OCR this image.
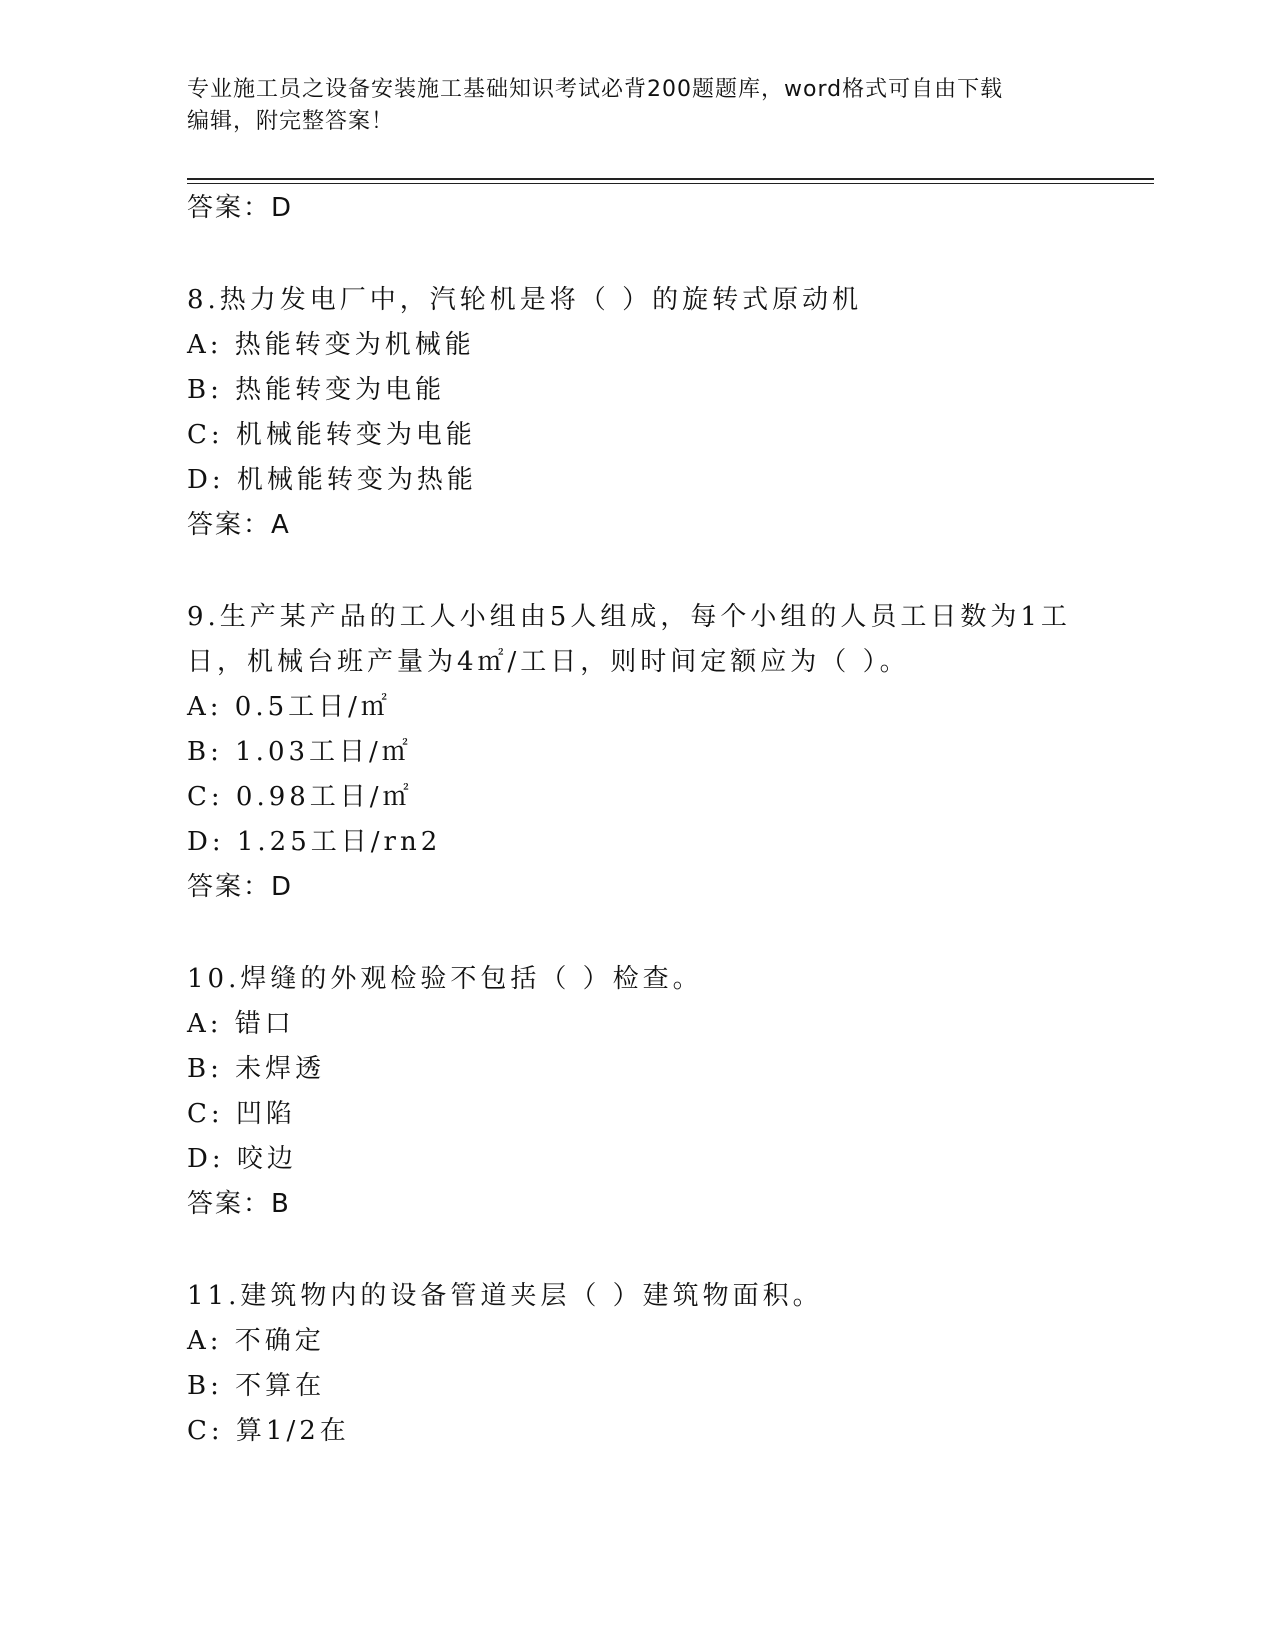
专业施工员之设备安装施工基础知识考试必背200题题库，word格式可自由下载
编辑，附完整答案！
答案：D
8.热力发电厂中，汽轮机是将（ ）的旋转式原动机
A: 热能转变为机械能
B: 热能转变为电能
C: 机械能转变为电能
D: 机械能转变为热能
答案：A
9.生产某产品的工人小组由5人组成，每个小组的人员工日数为1工
日，机械台班产量为4㎡/工日，则时间定额应为（ ）。
A: 0.5工日/㎡
B: 1.03工日/㎡
C: 0.98工日/㎡
D: 1.25工日/rn2
答案：D
10.焊缝的外观检验不包括（ ）检查。
A: 错口
B: 未焊透
C: 凹陷
D: 咬边
答案：B
11.建筑物内的设备管道夹层（ ）建筑物面积。
A: 不确定
B: 不算在
C: 算1/2在
